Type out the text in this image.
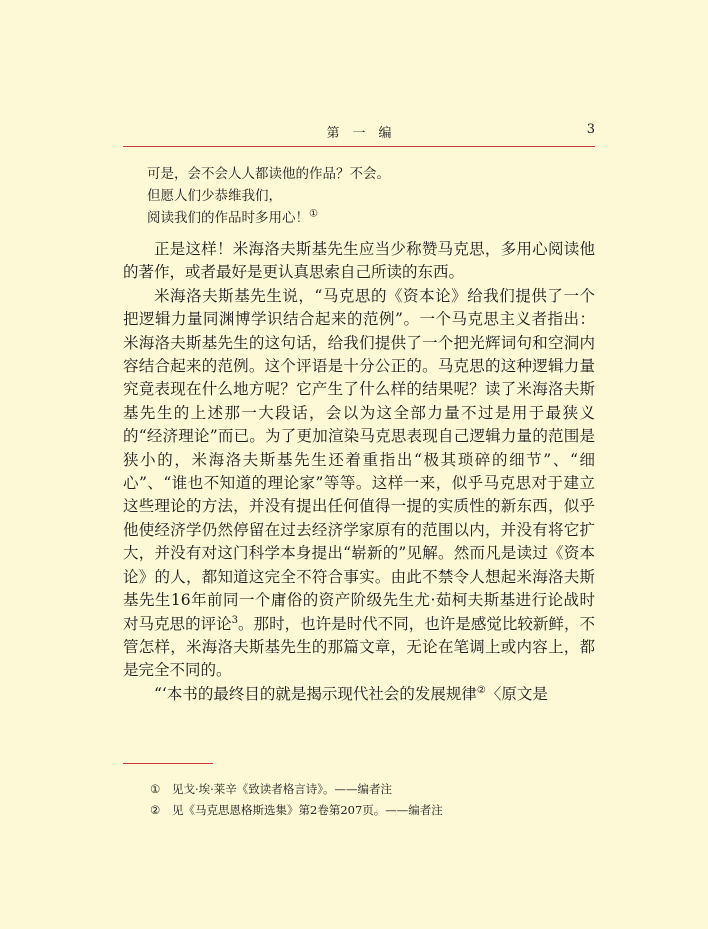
第　一　编	3
可是，会不会人人都读他的作品？不会。
但愿人们少恭维我们，
阅读我们的作品时多用心！①

正是这样！米海洛夫斯基先生应当少称赞马克思，多用心阅读他的著作，或者最好是更认真思索自己所读的东西。

米海洛夫斯基先生说，“马克思的《资本论》给我们提供了一个把逻辑力量同渊博学识结合起来的范例”。一个马克思主义者指出：米海洛夫斯基先生的这句话，给我们提供了一个把光辉词句和空洞内容结合起来的范例。这个评语是十分公正的。马克思的这种逻辑力量究竟表现在什么地方呢？它产生了什么样的结果呢？读了米海洛夫斯基先生的上述那一大段话，会以为这全部力量不过是用于最狭义的“经济理论”而已。为了更加渲染马克思表现自己逻辑力量的范围是狭小的，米海洛夫斯基先生还着重指出“极其琐碎的细节”、“细心”、“谁也不知道的理论家”等等。这样一来，似乎马克思对于建立这些理论的方法，并没有提出任何值得一提的实质性的新东西，似乎他使经济学仍然停留在过去经济学家原有的范围以内，并没有将它扩大，并没有对这门科学本身提出“崭新的”见解。然而凡是读过《资本论》的人，都知道这完全不符合事实。由此不禁令人想起米海洛夫斯基先生16年前同一个庸俗的资产阶级先生尤·茹柯夫斯基进行论战时对马克思的评论$^3$。那时，也许是时代不同，也许是感觉比较新鲜，不管怎样，米海洛夫斯基先生的那篇文章，无论在笔调上或内容上，都是完全不同的。

“‘本书的最终目的就是揭示现代社会的发展规律②〈原文是

① 见戈·埃·莱辛《致读者格言诗》。——编者注
② 见《马克思恩格斯选集》第2卷第207页。——编者注
